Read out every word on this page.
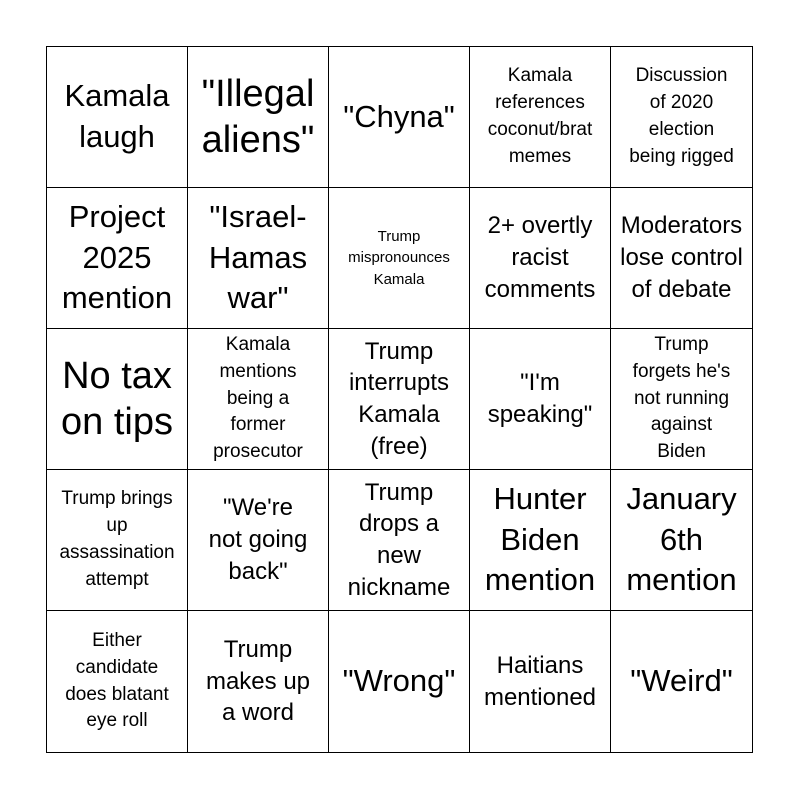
Kamala
laugh
"Illegal
aliens"
"Chyna"
Kamala
references
coconut/brat
memes
Discussion
of 2020
election
being rigged
Project
2025
mention
"Israel-
Hamas
war"
Trump
mispronounces
Kamala
2+ overtly
racist
comments
Moderators
lose control
of debate
No tax
on tips
Kamala
mentions
being a
former
prosecutor
Trump
interrupts
Kamala
(free)
"I'm
speaking"
Trump
forgets he's
not running
against
Biden
Trump brings
up
assassination
attempt
"We're
not going
back"
Trump
drops a
new
nickname
Hunter
Biden
mention
January
6th
mention
Either
candidate
does blatant
eye roll
Trump
makes up
a word
"Wrong"	Haitians
mentioned "Weird"
